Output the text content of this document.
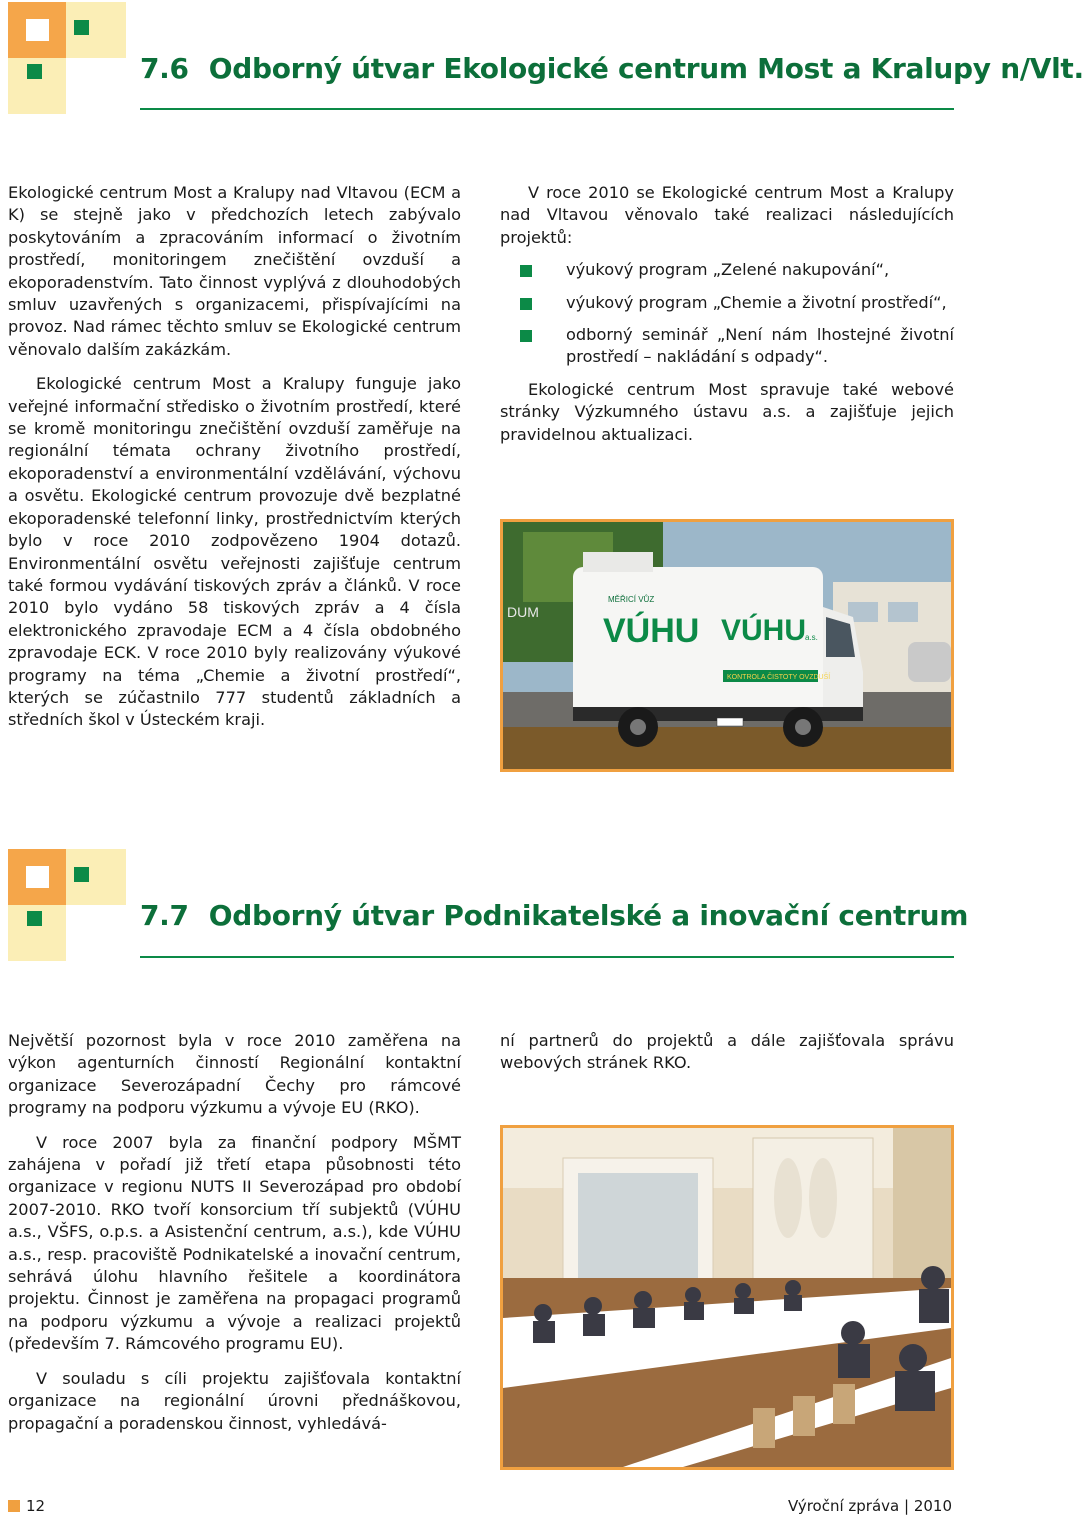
7.6 Odborný útvar Ekologické centrum Most a Kralupy n/Vlt.

Ekologické centrum Most a Kralupy nad Vltavou (ECM a K) se stejně jako v předchozích letech zabývalo poskytováním a zpracováním informací o životním prostředí, monitoringem znečištění ovzduší a ekoporadenstvím. Tato činnost vyplývá z dlouhodobých smluv uzavřených s organizacemi, přispívajícími na provoz. Nad rámec těchto smluv se Ekologické centrum věnovalo dalším zakázkám.

Ekologické centrum Most a Kralupy funguje jako veřejné informační středisko o životním prostředí, které se kromě monitoringu znečištění ovzduší zaměřuje na regionální témata ochrany životního prostředí, ekoporadenství a environmentální vzdělávání, výchovu a osvětu. Ekologické centrum provozuje dvě bezplatné ekoporadenské telefonní linky, prostřednictvím kterých bylo v roce 2010 zodpovězeno 1904 dotazů. Environmentální osvětu veřejnosti zajišťuje centrum také formou vydávání tiskových zpráv a článků. V roce 2010 bylo vydáno 58 tiskových zpráv a 4 čísla elektronického zpravodaje ECM a 4 čísla obdobného zpravodaje ECK. V roce 2010 byly realizovány výukové programy na téma „Chemie a životní prostředí“, kterých se zúčastnilo 777 studentů základních a středních škol v Ústeckém kraji.

V roce 2010 se Ekologické centrum Most a Kralupy nad Vltavou věnovalo také realizaci následujících projektů:

výukový program „Zelené nakupování“,
výukový program „Chemie a životní prostředí“,
odborný seminář „Není nám lhostejné životní prostředí – nakládání s odpady“.

Ekologické centrum Most spravuje také webové stránky Výzkumného ústavu a.s. a zajišťuje jejich pravidelnou aktualizaci.

MĚŘICÍ VŮZ
VÚHU VÚHU
a.s.
KONTROLA ČISTOTY OVZDUŠÍ
DUM
7.7 Odborný útvar Podnikatelské a inovační centrum

Největší pozornost byla v roce 2010 zaměřena na výkon agenturních činností Regionální kontaktní organizace Severozápadní Čechy pro rámcové programy na podporu výzkumu a vývoje EU (RKO).

V roce 2007 byla za finanční podpory MŠMT zahájena v pořadí již třetí etapa působnosti této organizace v regionu NUTS II Severozápad pro období 2007-2010. RKO tvoří konsorcium tří subjektů (VÚHU a.s., VŠFS, o.p.s. a Asistenční centrum, a.s.), kde VÚHU a.s., resp. pracoviště Podnikatelské a inovační centrum, sehrává úlohu hlavního řešitele a koordinátora projektu. Činnost je zaměřena na propagaci programů na podporu výzkumu a vývoje a realizaci projektů (především 7. Rámcového programu EU).

V souladu s cíli projektu zajišťovala kontaktní organizace na regionální úrovni přednáškovou, propagační a poradenskou činnost, vyhledává-

ní partnerů do projektů a dále zajišťovala správu webových stránek RKO.

12	Výroční zpráva | 2010
